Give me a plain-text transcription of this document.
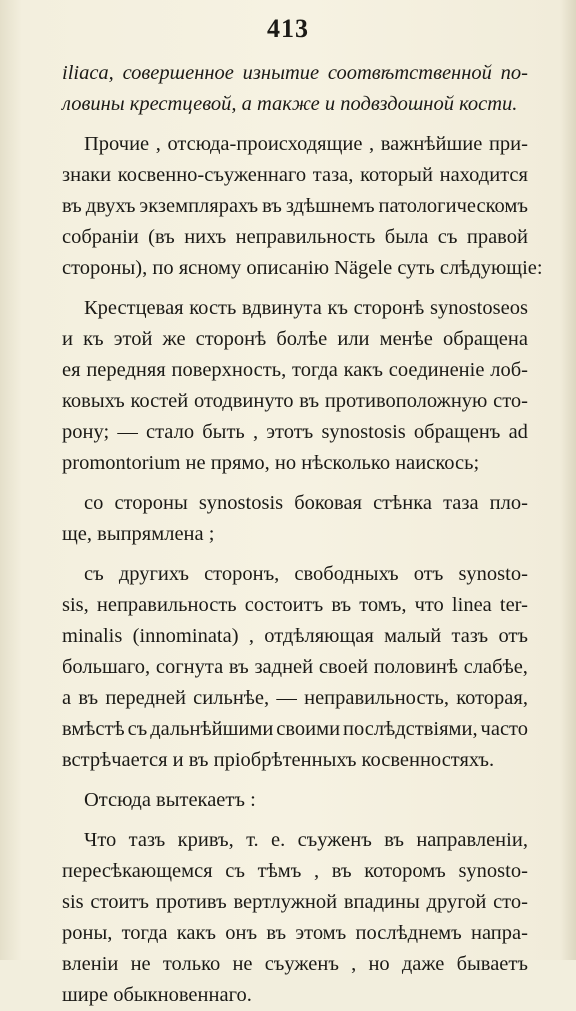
413
iliaca, совершенное изнытие соотвѣтственной по-
ловины крестцевой, а также и подвздошной кости.
Прочие , отсюда-происходящие , важнѣйшие при-
знаки косвенно-съуженнаго таза, который находится
въ двухъ экземплярахъ въ здѣшнемъ патологическомъ
собраніи (въ нихъ неправильность была съ правой
стороны), по ясному описанію Nägele суть слѣдующіе:
Крестцевая кость вдвинута къ сторонѣ synostoseos
и къ этой же сторонѣ болѣе или менѣе обращена
ея передняя поверхность, тогда какъ соединеніе лоб-
ковыхъ костей отодвинуто въ противоположную сто-
рону; — стало быть , этотъ synostosis обращенъ ad
promontorium не прямо, но нѣсколько наискось;
со стороны synostosis боковая стѣнка таза пло-
ще, выпрямлена ;
съ другихъ сторонъ, свободныхъ отъ synosto-
sis, неправильность состоитъ въ томъ, что linea ter-
minalis (innominata) , отдѣляющая малый тазъ отъ
большаго, согнута въ задней своей половинѣ слабѣе,
а въ передней сильнѣе, — неправильность, которая,
вмѣстѣ съ дальнѣйшими своими послѣдствіями, часто
встрѣчается и въ пріобрѣтенныхъ косвенностяхъ.
Отсюда вытекаетъ :
Что тазъ кривъ, т. е. съуженъ въ направленіи,
пересѣкающемся съ тѣмъ , въ которомъ synosto-
sis стоитъ противъ вертлужной впадины другой сто-
роны, тогда какъ онъ въ этомъ послѣднемъ напра-
вленіи не только не съуженъ , но даже бываетъ
шире обыкновеннаго.
